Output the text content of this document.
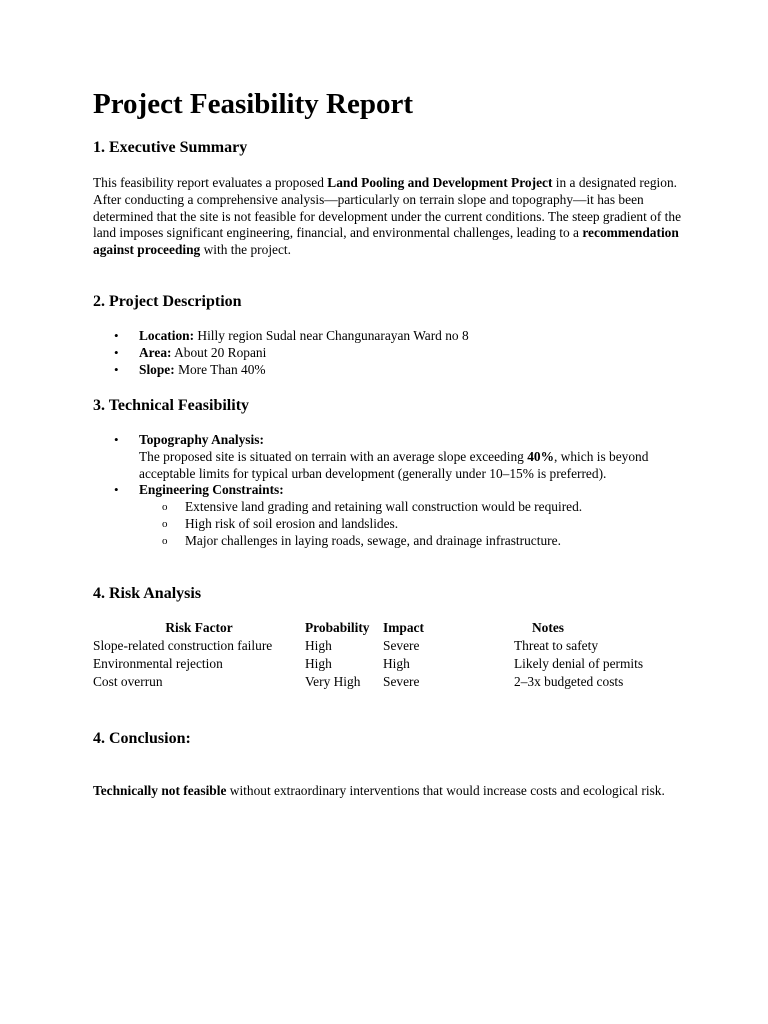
Project Feasibility Report
1. Executive Summary

This feasibility report evaluates a proposed Land Pooling and Development Project in a designated region. After conducting a comprehensive analysis—particularly on terrain slope and topography—it has been determined that the site is not feasible for development under the current conditions. The steep gradient of the land imposes significant engineering, financial, and environmental challenges, leading to a recommendation against proceeding with the project.

2. Project Description
• Location: Hilly region Sudal near Changunarayan Ward no 8
• Area: About 20 Ropani
• Slope: More Than 40%
3. Technical Feasibility
• Topography Analysis:
The proposed site is situated on terrain with an average slope exceeding 40%, which is beyond acceptable limits for typical urban development (generally under 10–15% is preferred).
• Engineering Constraints:
o Extensive land grading and retaining wall construction would be required.
o High risk of soil erosion and landslides.
o Major challenges in laying roads, sewage, and drainage infrastructure.
4. Risk Analysis
Risk Factor	Probability	Impact	Notes
Slope-related construction failure	High	Severe	Threat to safety
Environmental rejection	High	High	Likely denial of permits
Cost overrun	Very High	Severe	2–3x budgeted costs
4. Conclusion:

Technically not feasible without extraordinary interventions that would increase costs and ecological risk.
